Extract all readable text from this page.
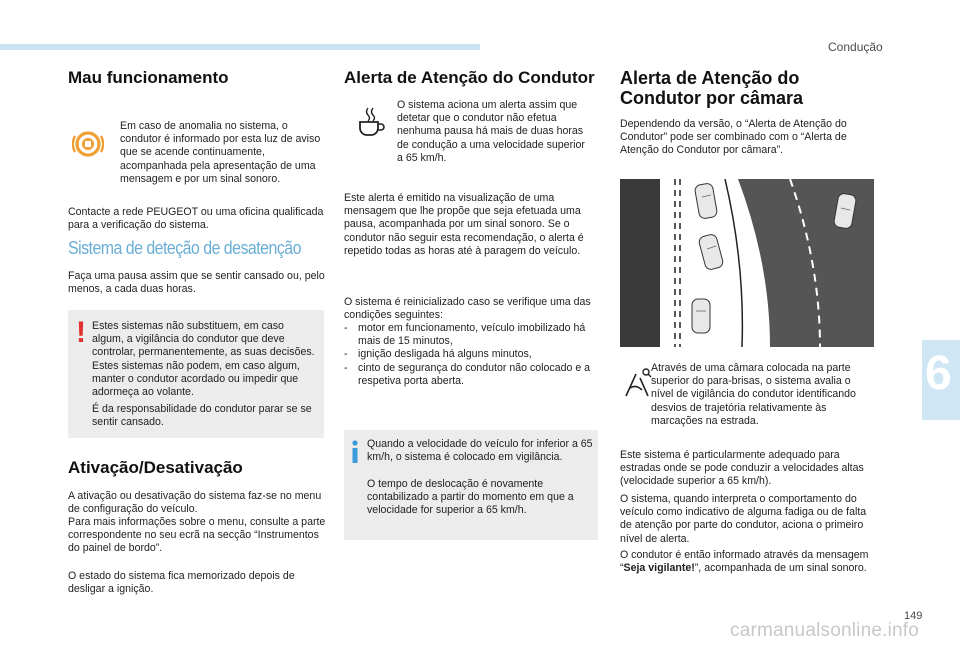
Condução
6
149
carmanualsonline.info
Mau funcionamento
Em caso de anomalia no sistema, o condutor é informado por esta luz de aviso que se acende continuamente, acompanhada pela apresentação de uma mensagem e por um sinal sonoro.
Contacte a rede PEUGEOT ou uma oficina qualificada para a verificação do sistema.
Sistema de deteção de desatenção
Faça uma pausa assim que se sentir cansado ou, pelo menos, a cada duas horas.
! Estes sistemas não substituem, em caso algum, a vigilância do condutor que deve controlar, permanentemente, as suas decisões. Estes sistemas não podem, em caso algum, manter o condutor acordado ou impedir que adormeça ao volante.
É da responsabilidade do condutor parar se se sentir cansado.
Ativação/Desativação
A ativação ou desativação do sistema faz-se no menu de configuração do veículo.
Para mais informações sobre o menu, consulte a parte correspondente no seu ecrã na secção “Instrumentos do painel de bordo”.
O estado do sistema fica memorizado depois de desligar a ignição.
Alerta de Atenção do Condutor
O sistema aciona um alerta assim que detetar que o condutor não efetua nenhuma pausa há mais de duas horas de condução a uma velocidade superior a 65 km/h.
Este alerta é emitido na visualização de uma mensagem que lhe propõe que seja efetuada uma pausa, acompanhada por um sinal sonoro. Se o condutor não seguir esta recomendação, o alerta é repetido todas as horas até à paragem do veículo.
O sistema é reinicializado caso se verifique uma das condições seguintes:
- motor em funcionamento, veículo imobilizado há mais de 15 minutos,
- ignição desligada há alguns minutos,
- cinto de segurança do condutor não colocado e a respetiva porta aberta.
Quando a velocidade do veículo for inferior a 65 km/h, o sistema é colocado em vigilância.
O tempo de deslocação é novamente contabilizado a partir do momento em que a velocidade for superior a 65 km/h.
Alerta de Atenção do
Condutor por câmara
Dependendo da versão, o “Alerta de Atenção do Condutor” pode ser combinado com o “Alerta de Atenção do Condutor por câmara”.
Através de uma câmara colocada na parte superior do para-brisas, o sistema avalia o nível de vigilância do condutor identificando desvios de trajetória relativamente às marcações na estrada.
Este sistema é particularmente adequado para estradas onde se pode conduzir a velocidades altas (velocidade superior a 65 km/h).
O sistema, quando interpreta o comportamento do veículo como indicativo de alguma fadiga ou de falta de atenção por parte do condutor, aciona o primeiro nível de alerta.
O condutor é então informado através da mensagem “Seja vigilante!”, acompanhada de um sinal sonoro.
